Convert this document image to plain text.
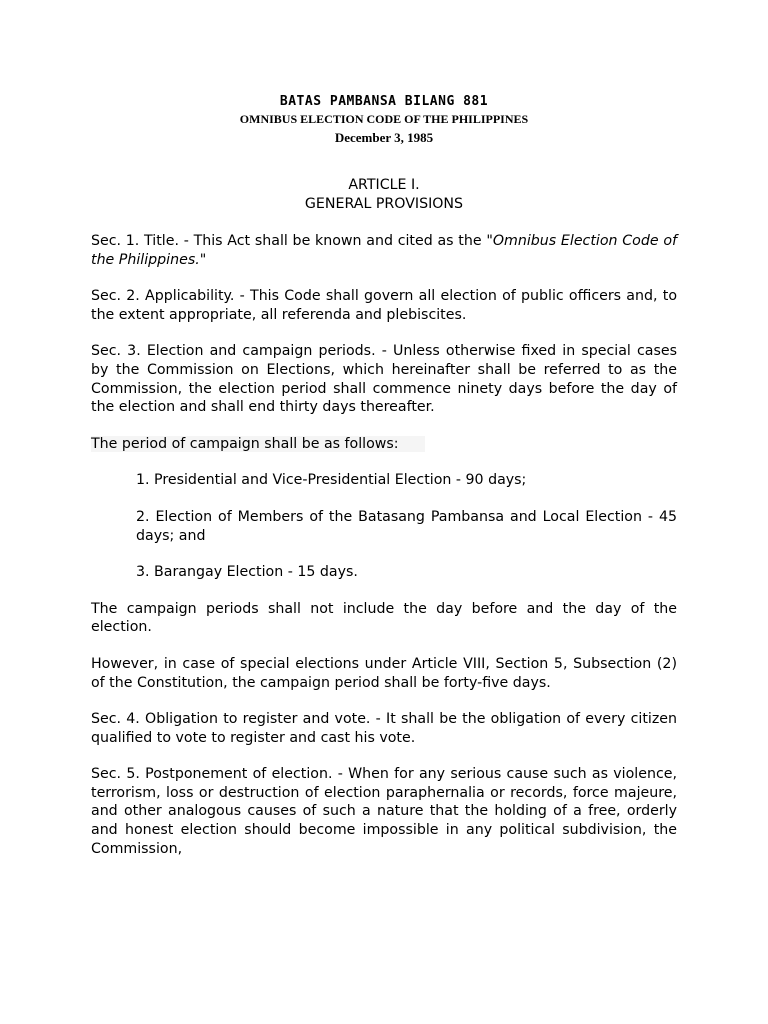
BATAS PAMBANSA BILANG 881

OMNIBUS ELECTION CODE OF THE PHILIPPINES

December 3, 1985

ARTICLE I.
GENERAL PROVISIONS

Sec. 1. Title. - This Act shall be known and cited as the "Omnibus Election Code of the Philippines."

Sec. 2. Applicability. - This Code shall govern all election of public officers and, to the extent appropriate, all referenda and plebiscites.

Sec. 3. Election and campaign periods. - Unless otherwise fixed in special cases by the Commission on Elections, which hereinafter shall be referred to as the Commission, the election period shall commence ninety days before the day of the election and shall end thirty days thereafter.

The period of campaign shall be as follows:

1. Presidential and Vice-Presidential Election - 90 days;

2. Election of Members of the Batasang Pambansa and Local Election - 45 days; and

3. Barangay Election - 15 days.

The campaign periods shall not include the day before and the day of the election.

However, in case of special elections under Article VIII, Section 5, Subsection (2) of the Constitution, the campaign period shall be forty-five days.

Sec. 4. Obligation to register and vote. - It shall be the obligation of every citizen qualified to vote to register and cast his vote.

Sec. 5. Postponement of election. - When for any serious cause such as violence, terrorism, loss or destruction of election paraphernalia or records, force majeure, and other analogous causes of such a nature that the holding of a free, orderly and honest election should become impossible in any political subdivision, the Commission,
